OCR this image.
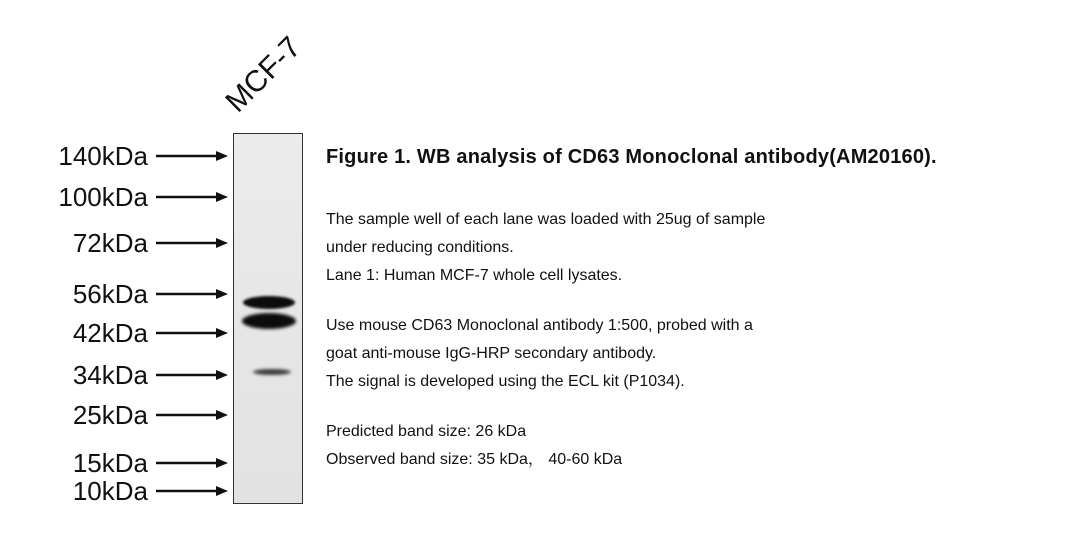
MCF-7
140kDa
100kDa
72kDa
56kDa
42kDa
34kDa
25kDa
15kDa
10kDa

Figure 1. WB analysis of CD63 Monoclonal antibody(AM20160).

The sample well of each lane was loaded with 25ug of sample

under reducing conditions.

Lane 1: Human MCF-7 whole cell lysates.

Use mouse CD63 Monoclonal antibody 1:500, probed with a

goat anti-mouse IgG-HRP secondary antibody.

The signal is developed using the ECL kit (P1034).

Predicted band size: 26 kDa

Observed band size: 35 kDa， 40-60 kDa
